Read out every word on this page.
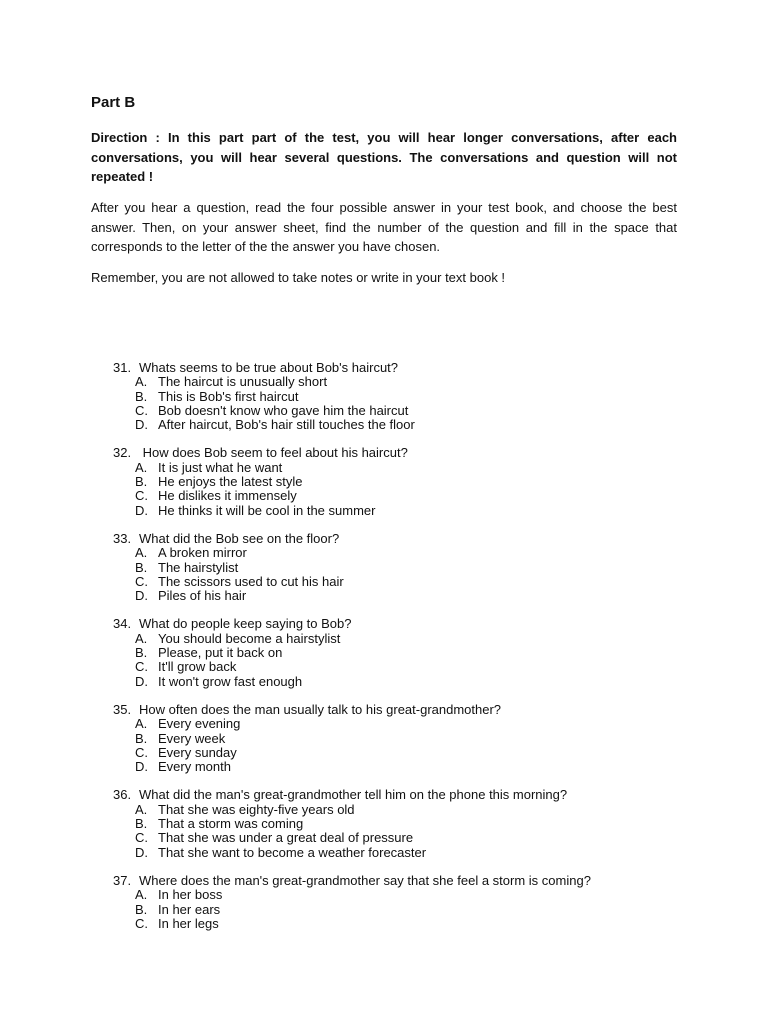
Part B

Direction : In this part part of the test, you will hear longer conversations, after each conversations, you will hear several questions. The conversations and question will not repeated !

After you hear a question, read the four possible answer in your test book, and choose the best answer. Then, on your answer sheet, find the number of the question and fill in the space that corresponds to the letter of the the answer you have chosen.

Remember, you are not allowed to take notes or write in your text book !

31. Whats seems to be true about Bob's haircut?
A. The haircut is unusually short
B. This is Bob's first haircut
C. Bob doesn't know who gave him the haircut
D. After haircut, Bob's hair still touches the floor
32. How does Bob seem to feel about his haircut?
A. It is just what he want
B. He enjoys the latest style
C. He dislikes it immensely
D. He thinks it will be cool in the summer
33. What did the Bob see on the floor?
A. A broken mirror
B. The hairstylist
C. The scissors used to cut his hair
D. Piles of his hair
34. What do people keep saying to Bob?
A. You should become a hairstylist
B. Please, put it back on
C. It'll grow back
D. It won't grow fast enough
35. How often does the man usually talk to his great-grandmother?
A. Every evening
B. Every week
C. Every sunday
D. Every month
36. What did the man's great-grandmother tell him on the phone this morning?
A. That she was eighty-five years old
B. That a storm was coming
C. That she was under a great deal of pressure
D. That she want to become a weather forecaster
37. Where does the man's great-grandmother say that she feel a storm is coming?
A. In her boss
B. In her ears
C. In her legs
